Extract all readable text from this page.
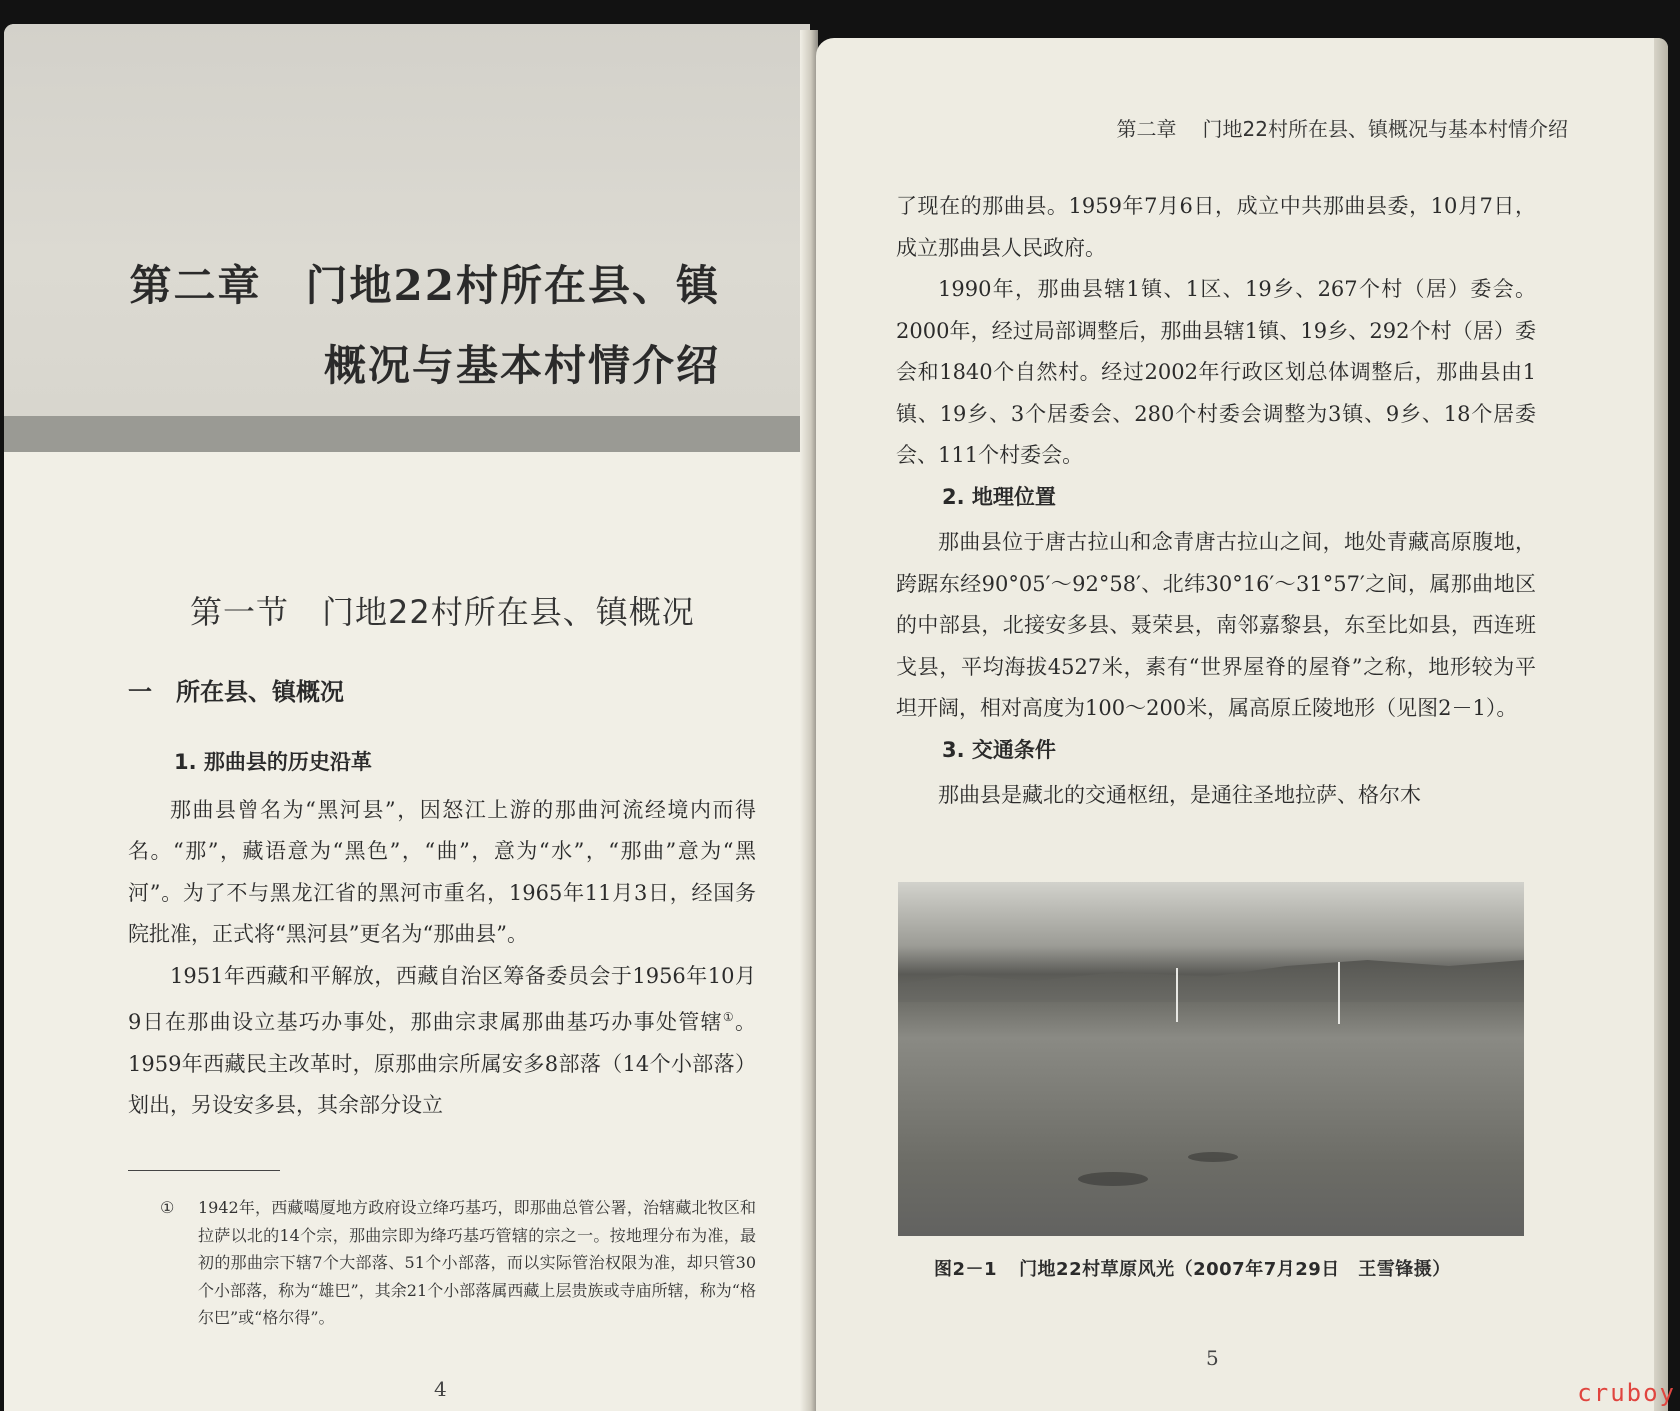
第二章　门地22村所在县、镇
概况与基本村情介绍
第一节　门地22村所在县、镇概况
一 所在县、镇概况
1. 那曲县的历史沿革

那曲县曾名为“黑河县”，因怒江上游的那曲河流经境内而得名。“那”，藏语意为“黑色”，“曲”，意为“水”，“那曲”意为“黑河”。为了不与黑龙江省的黑河市重名，1965年11月3日，经国务院批准，正式将“黑河县”更名为“那曲县”。

1951年西藏和平解放，西藏自治区筹备委员会于1956年10月9日在那曲设立基巧办事处，那曲宗隶属那曲基巧办事处管辖①。1959年西藏民主改革时，原那曲宗所属安多8部落（14个小部落）划出，另设安多县，其余部分设立

①	1942年，西藏噶厦地方政府设立绛巧基巧，即那曲总管公署，治辖藏北牧区和拉萨以北的14个宗，那曲宗即为绛巧基巧管辖的宗之一。按地理分布为准，最初的那曲宗下辖7个大部落、51个小部落，而以实际管治权限为准，却只管30个小部落，称为“雄巴”，其余21个小部落属西藏上层贵族或寺庙所辖，称为“格尔巴”或“格尔得”。
4
第二章 门地22村所在县、镇概况与基本村情介绍

了现在的那曲县。1959年7月6日，成立中共那曲县委，10月7日，成立那曲县人民政府。

1990年，那曲县辖1镇、1区、19乡、267个村（居）委会。2000年，经过局部调整后，那曲县辖1镇、19乡、292个村（居）委会和1840个自然村。经过2002年行政区划总体调整后，那曲县由1镇、19乡、3个居委会、280个村委会调整为3镇、9乡、18个居委会、111个村委会。

2. 地理位置

那曲县位于唐古拉山和念青唐古拉山之间，地处青藏高原腹地，跨踞东经90°05′～92°58′、北纬30°16′～31°57′之间，属那曲地区的中部县，北接安多县、聂荣县，南邻嘉黎县，东至比如县，西连班戈县，平均海拔4527米，素有“世界屋脊的屋脊”之称，地形较为平坦开阔，相对高度为100～200米，属高原丘陵地形（见图2－1）。

3. 交通条件

那曲县是藏北的交通枢纽，是通往圣地拉萨、格尔木

图2－1 门地22村草原风光（2007年7月29日　王雪锋摄）
5
cruboy
